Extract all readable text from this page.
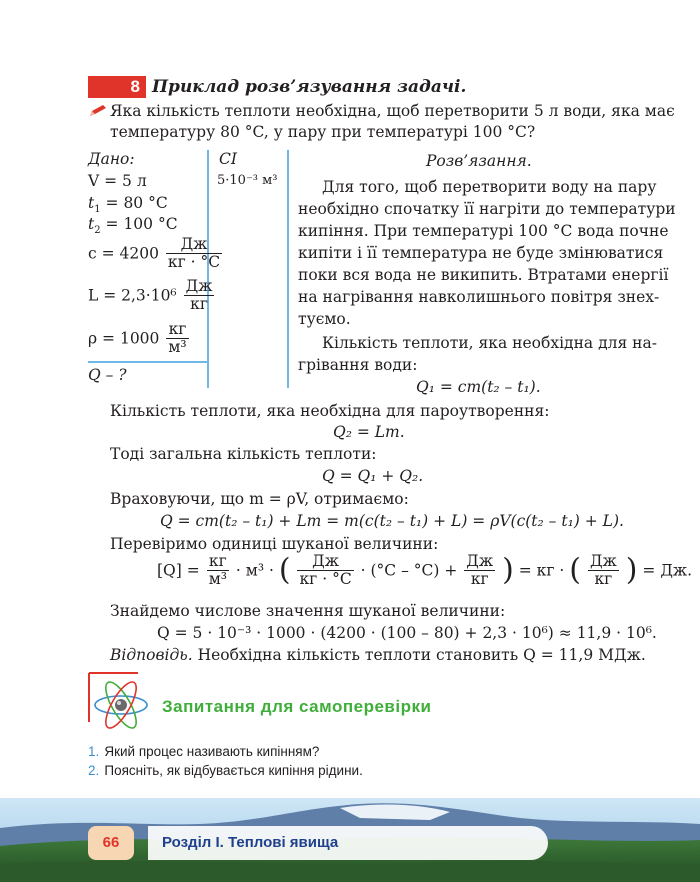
8 Приклад розв’язування задачі.
Яка кількість теплоти необхідна, щоб перетворити 5 л води, яка має
температуру 80 °C, у пару при температурі 100 °C?
Дано:	СІ
V = 5 л	5·10⁻³ м³
$t_1 = 80$ °C
$t_2 = 100$ °C
$c = 4200 \frac{Дж}{кг \cdot ^\circ C}$
$L = 2,3\cdot 10^6 \frac{Дж}{кг}$
$\rho = 1000 \frac{кг}{\text{м³}}$
Q – ?
Розв’язання.
Для того, щоб перетворити воду на пару
необхідно спочатку її нагріти до температури
кипіння. При температурі 100 °C вода почне
кипіти і її температура не буде змінюватися
поки вся вода не википить. Втратами енергії
на нагрівання навколишнього повітря знех-
туємо.
Кількість теплоти, яка необхідна для на-
грівання води:
Q₁ = cm(t₂ – t₁).
Кількість теплоти, яка необхідна для пароутворення:
Q₂ = Lm.
Тоді загальна кількість теплоти:
Q = Q₁ + Q₂.
Враховуючи, що m = ρV, отримаємо:
Q = cm(t₂ – t₁) + Lm = m(c(t₂ – t₁) + L) = ρV(c(t₂ – t₁) + L).
Перевіримо одиниці шуканої величини:
$[Q] = \frac{кг}{\text{м³}} \cdot м^3$ · ( $\frac{Дж}{кг \cdot ^\circ C} \cdot (^\circ C - ^\circ C) + \frac{Дж}{кг}$ ) = кг · ( $\frac{Дж}{кг}$ ) = Дж.
Знайдемо числове значення шуканої величини:
Q = 5 · 10⁻³ · 1000 · (4200 · (100 – 80) + 2,3 · 10⁶) ≈ 11,9 · 10⁶.
Відповідь. Необхідна кількість теплоти становить Q = 11,9 МДж.
Запитання для самоперевірки
1. Який процес називають кипінням?
2. Поясніть, як відбувається кипіння рідини.
66	Розділ І. Теплові явища
